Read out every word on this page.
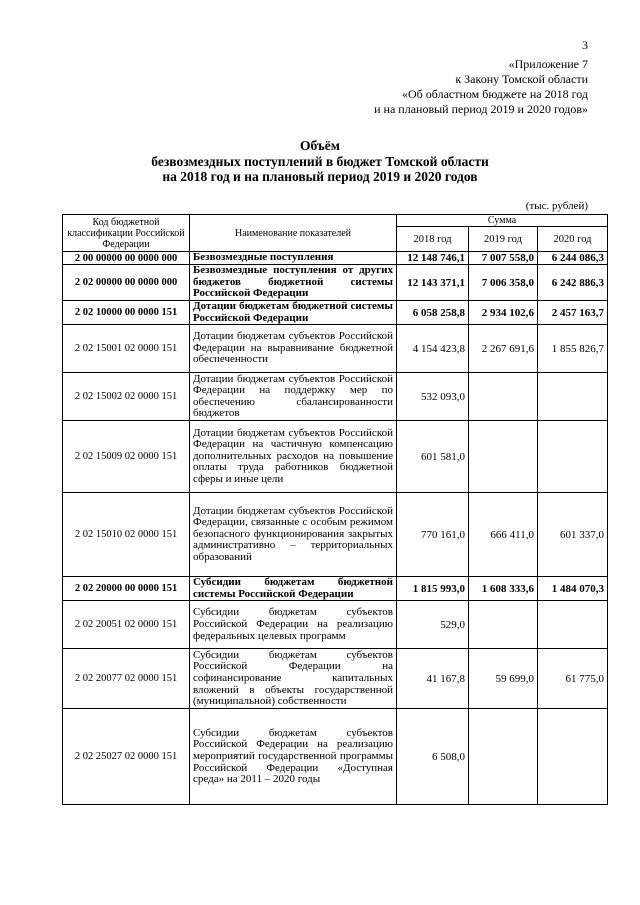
3
«Приложение 7
к Закону Томской области
«Об областном бюджете на 2018 год
и на плановый период 2019 и 2020 годов»
Объём
безвозмездных поступлений в бюджет Томской области
на 2018 год и на плановый период 2019 и 2020 годов
(тыс. рублей)
Код бюджетной классификации Российской Федерации	Наименование показателей	Сумма		
		2018 год	2019 год	2020 год
2 00 00000 00 0000 000	Безвозмездные поступления	12 148 746,1	7 007 558,0	6 244 086,3
2 02 00000 00 0000 000	Безвозмездные поступления от других бюджетов бюджетной системы Российской Федерации	12 143 371,1	7 006 358,0	6 242 886,3
2 02 10000 00 0000 151	Дотации бюджетам бюджетной системы Российской Федерации	6 058 258,8	2 934 102,6	2 457 163,7
2 02 15001 02 0000 151	Дотации бюджетам субъектов Российской Федерации на выравнивание бюджетной обеспеченности	4 154 423,8	2 267 691,6	1 855 826,7
2 02 15002 02 0000 151	Дотации бюджетам субъектов Российской Федерации на поддержку мер по обеспечению сбалансированности бюджетов	532 093,0		
2 02 15009 02 0000 151	Дотации бюджетам субъектов Российской Федерации на частичную компенсацию дополнительных расходов на повышение оплаты труда работников бюджетной сферы и иные цели	601 581,0		
2 02 15010 02 0000 151	Дотации бюджетам субъектов Российской Федерации, связанные с особым режимом безопасного функционирования закрытых административно – территориальных образований	770 161,0	666 411,0	601 337,0
2 02 20000 00 0000 151	Субсидии бюджетам бюджетной системы Российской Федерации	1 815 993,0	1 608 333,6	1 484 070,3
2 02 20051 02 0000 151	Субсидии бюджетам субъектов Российской Федерации на реализацию федеральных целевых программ	529,0		
2 02 20077 02 0000 151	Субсидии бюджетам субъектов Российской Федерации на софинансирование капитальных вложений в объекты государственной (муниципальной) собственности	41 167,8	59 699,0	61 775,0
2 02 25027 02 0000 151	Субсидии бюджетам субъектов Российской Федерации на реализацию мероприятий государственной программы Российской Федерации «Доступная среда» на 2011 – 2020 годы	6 508,0		
